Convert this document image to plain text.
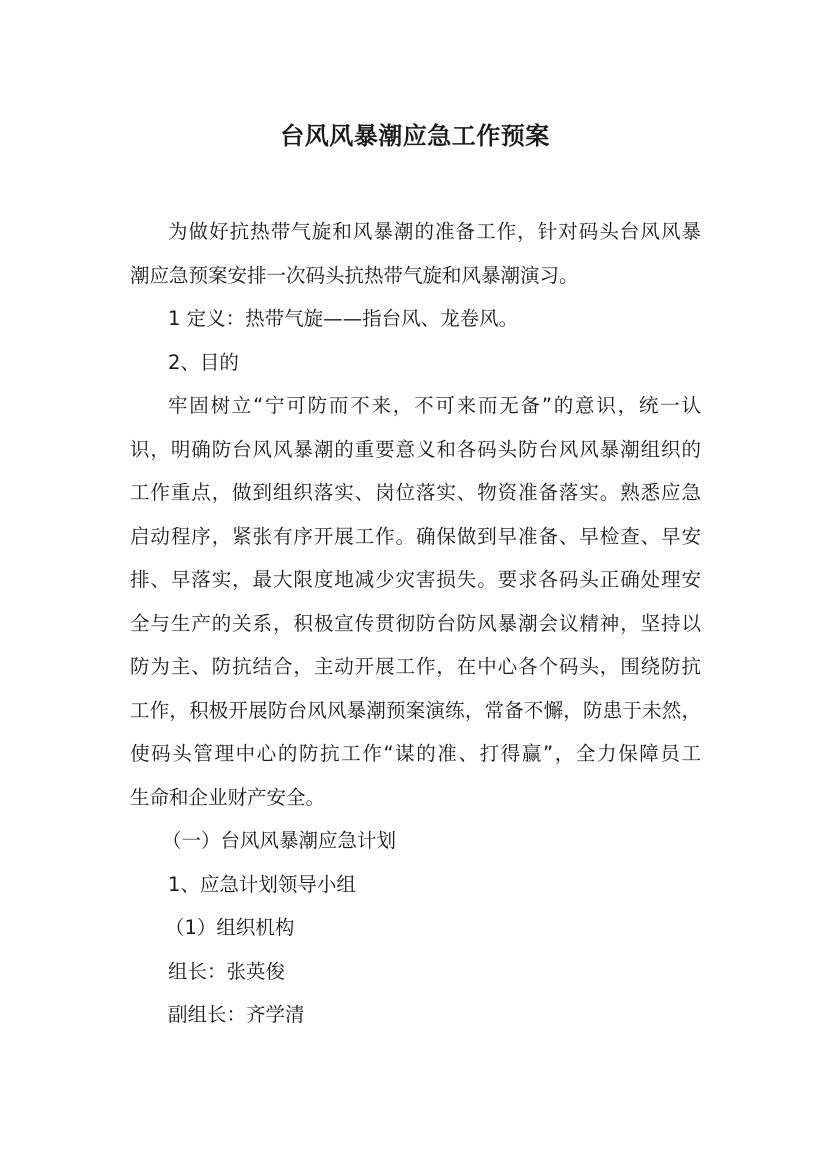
台风风暴潮应急工作预案
为做好抗热带气旋和风暴潮的准备工作，针对码头台风风暴
潮应急预案安排一次码头抗热带气旋和风暴潮演习。
1 定义：热带气旋——指台风、龙卷风。
2、目的
牢固树立“宁可防而不来，不可来而无备”的意识，统一认
识，明确防台风风暴潮的重要意义和各码头防台风风暴潮组织的
工作重点，做到组织落实、岗位落实、物资准备落实。熟悉应急
启动程序，紧张有序开展工作。确保做到早准备、早检查、早安
排、早落实，最大限度地减少灾害损失。要求各码头正确处理安
全与生产的关系，积极宣传贯彻防台防风暴潮会议精神，坚持以
防为主、防抗结合，主动开展工作，在中心各个码头，围绕防抗
工作，积极开展防台风风暴潮预案演练，常备不懈，防患于未然，
使码头管理中心的防抗工作“谋的准、打得赢”，全力保障员工
生命和企业财产安全。
（一）台风风暴潮应急计划
1、应急计划领导小组
（1）组织机构
组长：张英俊
副组长：齐学清
